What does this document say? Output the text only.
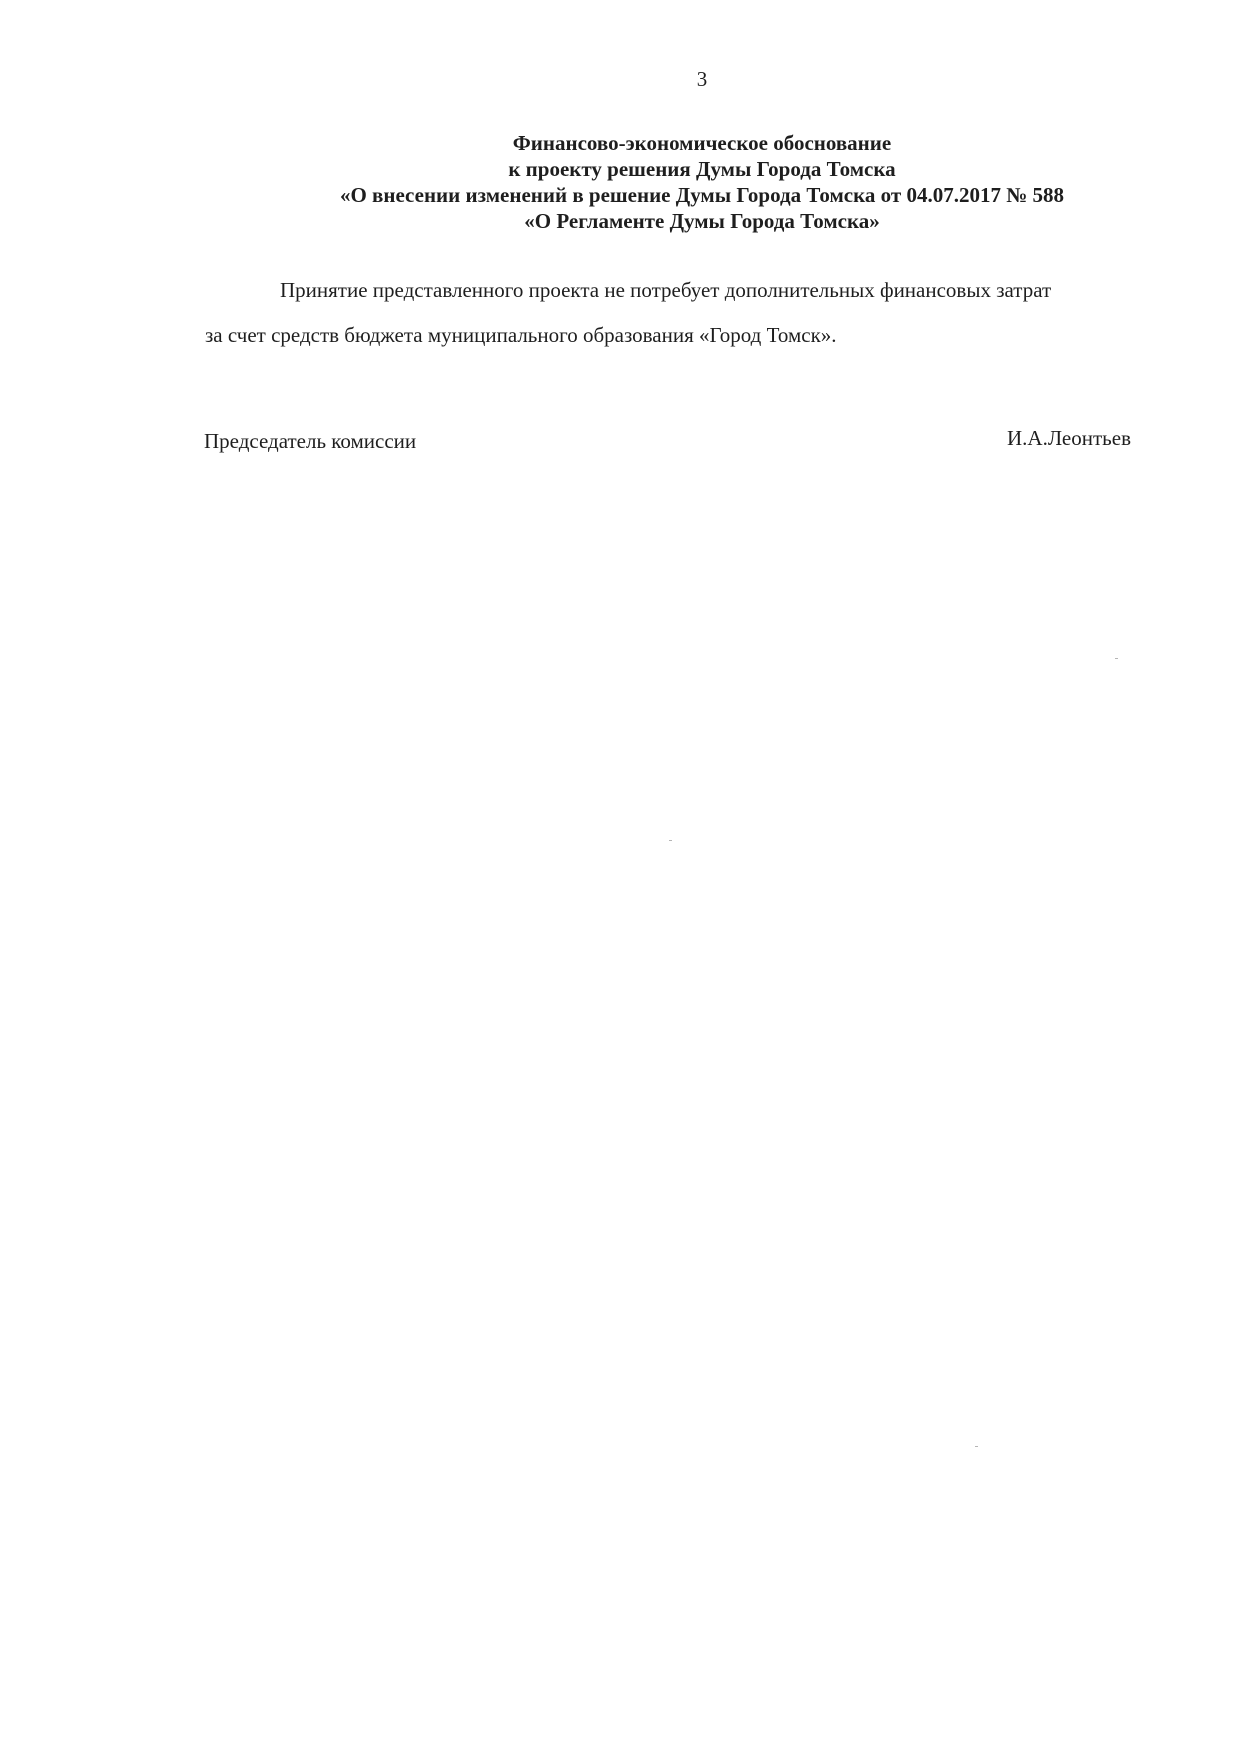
3
Финансово-экономическое обоснование
к проекту решения Думы Города Томска
«О внесении изменений в решение Думы Города Томска от 04.07.2017 № 588
«О Регламенте Думы Города Томска»
Принятие представленного проекта не потребует дополнительных финансовых затрат
за счет средств бюджета муниципального образования «Город Томск».
Председатель комиссии	И.А.Леонтьев
